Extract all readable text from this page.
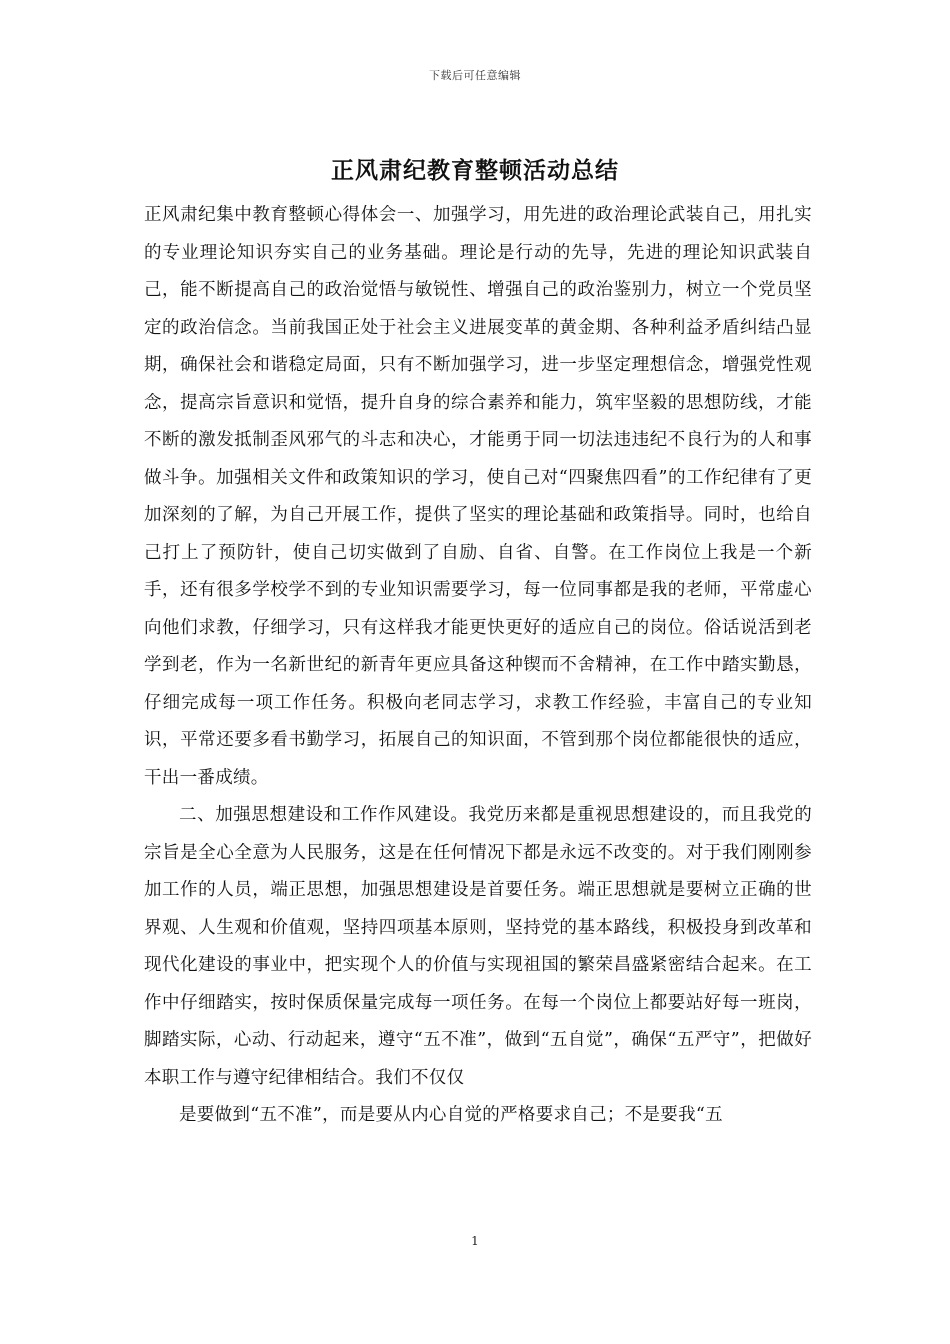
下载后可任意编辑
正风肃纪教育整顿活动总结

正风肃纪集中教育整顿心得体会一、加强学习，用先进的政治理论武装自己，用扎实的专业理论知识夯实自己的业务基础。理论是行动的先导，先进的理论知识武装自己，能不断提高自己的政治觉悟与敏锐性、增强自己的政治鉴别力，树立一个党员坚定的政治信念。当前我国正处于社会主义进展变革的黄金期、各种利益矛盾纠结凸显期，确保社会和谐稳定局面，只有不断加强学习，进一步坚定理想信念，增强党性观念，提高宗旨意识和觉悟，提升自身的综合素养和能力，筑牢坚毅的思想防线，才能不断的激发抵制歪风邪气的斗志和决心，才能勇于同一切法违违纪不良行为的人和事做斗争。加强相关文件和政策知识的学习，使自己对“四聚焦四看”的工作纪律有了更加深刻的了解，为自己开展工作，提供了坚实的理论基础和政策指导。同时，也给自己打上了预防针，使自己切实做到了自励、自省、自警。在工作岗位上我是一个新手，还有很多学校学不到的专业知识需要学习，每一位同事都是我的老师，平常虚心向他们求教，仔细学习，只有这样我才能更快更好的适应自己的岗位。俗话说活到老学到老，作为一名新世纪的新青年更应具备这种锲而不舍精神，在工作中踏实勤恳，仔细完成每一项工作任务。积极向老同志学习，求教工作经验，丰富自己的专业知识，平常还要多看书勤学习，拓展自己的知识面，不管到那个岗位都能很快的适应，干出一番成绩。

二、加强思想建设和工作作风建设。我党历来都是重视思想建设的，而且我党的宗旨是全心全意为人民服务，这是在任何情况下都是永远不改变的。对于我们刚刚参加工作的人员，端正思想，加强思想建设是首要任务。端正思想就是要树立正确的世界观、人生观和价值观，坚持四项基本原则，坚持党的基本路线，积极投身到改革和现代化建设的事业中，把实现个人的价值与实现祖国的繁荣昌盛紧密结合起来。在工作中仔细踏实，按时保质保量完成每一项任务。在每一个岗位上都要站好每一班岗，脚踏实际，心动、行动起来，遵守“五不准”，做到“五自觉”，确保“五严守”，把做好本职工作与遵守纪律相结合。我们不仅仅

是要做到“五不准”，而是要从内心自觉的严格要求自己；不是要我“五

1
